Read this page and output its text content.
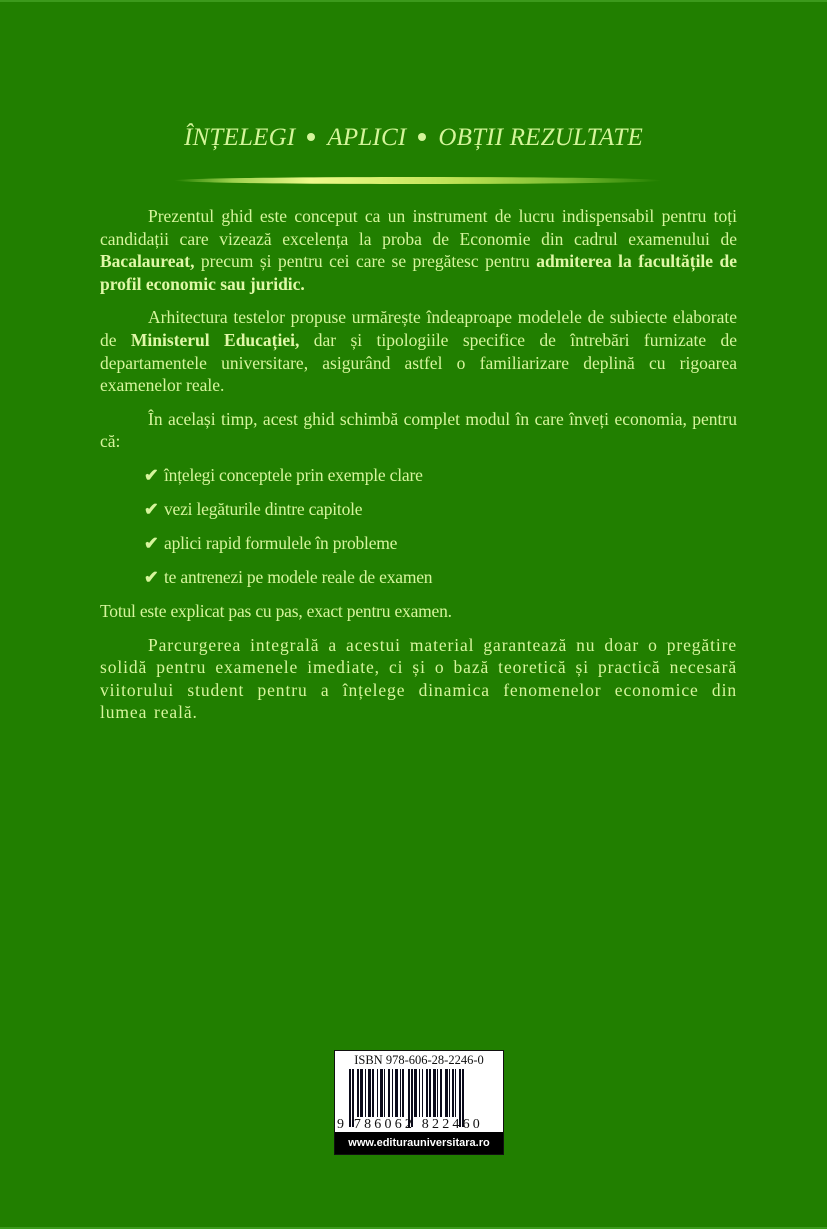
ÎNȚELEGI APLICI OBȚII REZULTATE

Prezentul ghid este conceput ca un instrument de lucru indispensabil pentru toți candidații care vizează excelența la proba de Economie din cadrul examenului de Bacalaureat, precum și pentru cei care se pregătesc pentru admiterea la facultățile de profil economic sau juridic.

Arhitectura testelor propuse urmărește îndeaproape modelele de subiecte elaborate de Ministerul Educației, dar și tipologiile specifice de întrebări furnizate de departamentele universitare, asigurând astfel o familiarizare deplină cu rigoarea examenelor reale.

În același timp, acest ghid schimbă complet modul în care înveți economia, pentru că:

✔ înțelegi conceptele prin exemple clare
✔ vezi legăturile dintre capitole
✔ aplici rapid formulele în probleme
✔ te antrenezi pe modele reale de examen

Totul este explicat pas cu pas, exact pentru examen.

Parcurgerea integrală a acestui material garantează nu doar o pregătire solidă pentru examenele imediate, ci și o bază teoretică și practică necesară viitorului student pentru a înțelege dinamica fenomenelor economice din lumea reală.

ISBN 978-606-28-2246-0
9 786062 822460
www.editurauniversitara.ro
